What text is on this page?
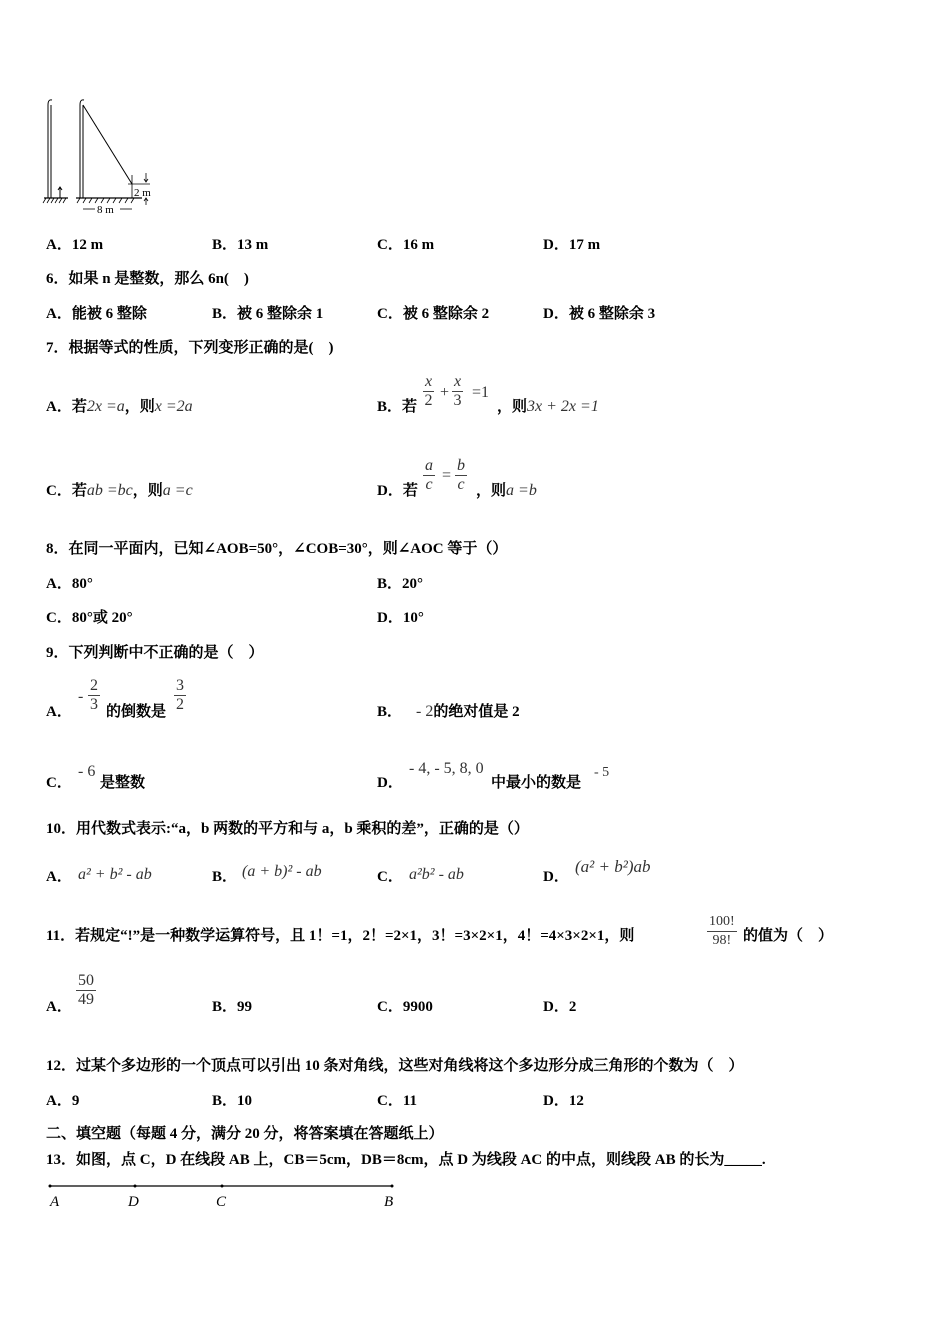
2 m
8 m
A．12 m	B．13 m	C．16 m	D．17 m
6．如果 n 是整数，那么 6n(　)
A．能被 6 整除	B．被 6 整除余 1	C．被 6 整除余 2	D．被 6 整除余 3
7．根据等式的性质，下列变形正确的是(　)
A．若2x =a，则x =2a	B．若 $\frac{x}{2} + \frac{x}{3} =1$
，则3x + 2x =1
C．若ab =bc，则a =c	D．若 $\frac{a}{c} = \frac{b}{c}$ ，则a =b
8．在同一平面内，已知∠AOB=50°，∠COB=30°，则∠AOC 等于（）
A．80°	B．20°
C．80°或 20°	D．10°
9．下列判断中不正确的是（　）
A．
- $\frac{2}{3}$ 的倒数是 $\frac{3}{2}$	B． - 2的绝对值是 2
C．
- 6
是整数	D．
- 4, - 5, 8, 0
中最小的数是
- 5
10．用代数式表示:“a，b 两数的平方和与 a，b 乘积的差”，正确的是（）
A． a² + b² - ab	B． (a + b)² - ab	C． a²b² - ab	D．
(a² + b²)ab
11．若规定“!”是一种数学运算符号，且 1！=1，2！=2×1，3！=3×2×1，4！=4×3×2×1，则	$\frac{100!}{98!}$ 的值为（　）
A． $\frac{50}{49}$	B．99	C．9900	D．2
12．过某个多边形的一个顶点可以引出 10 条对角线，这些对角线将这个多边形分成三角形的个数为（　）
A．9	B．10	C．11	D．12
二、填空题（每题 4 分，满分 20 分，将答案填在答题纸上）
13．如图，点 C，D 在线段 AB 上，CB＝5cm，DB＝8cm，点 D 为线段 AC 的中点，则线段 AB 的长为_____.
A	D	C	B
